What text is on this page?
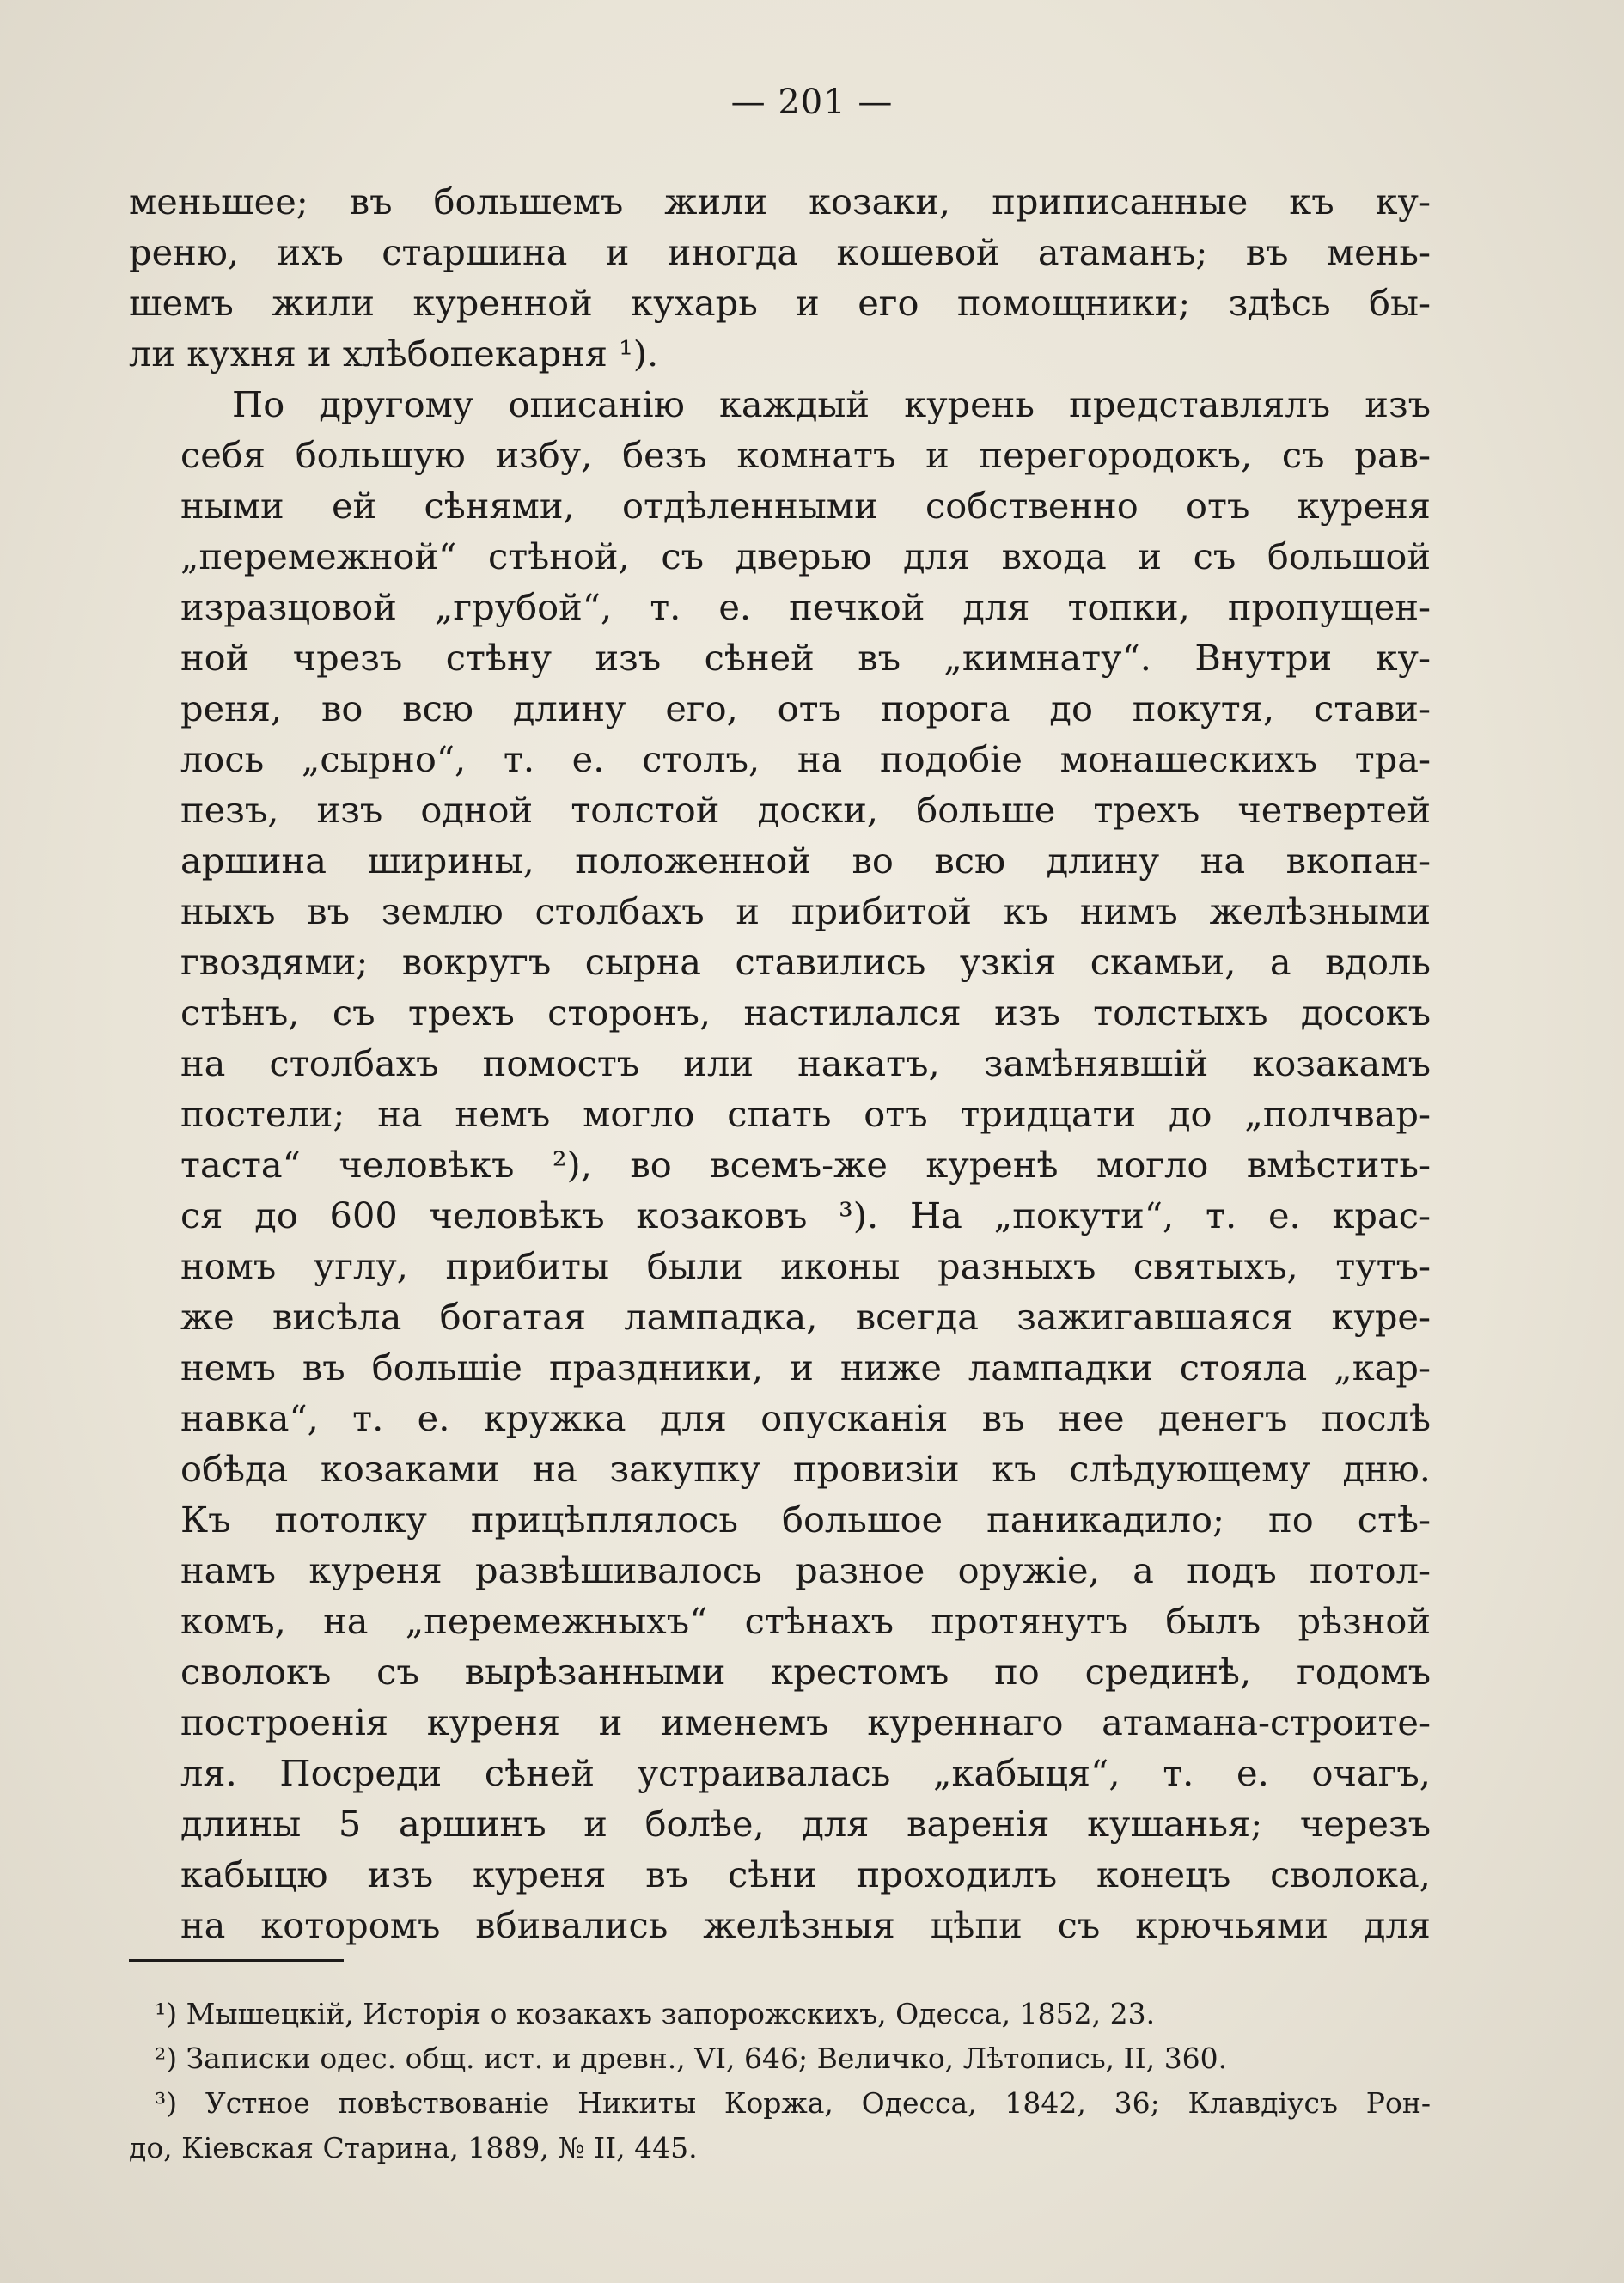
— 201 —

меньшее; въ большемъ жили козаки, приписанные къ ку-
реню, ихъ старшина и иногда кошевой атаманъ; въ мень-
шемъ жили куренной кухарь и его помощники; здѣсь бы-
ли кухня и хлѣбопекарня ¹).

По другому описанію каждый курень представлялъ изъ
себя большую избу, безъ комнатъ и перегородокъ, съ рав-
ными ей сѣнями, отдѣленными собственно отъ куреня
„перемежной“ стѣной, съ дверью для входа и съ большой
изразцовой „грубой“, т. е. печкой для топки, пропущен-
ной чрезъ стѣну изъ сѣней въ „кимнату“. Внутри ку-
реня, во всю длину его, отъ порога до покутя, стави-
лось „сырно“, т. е. столъ, на подобіе монашескихъ тра-
пезъ, изъ одной толстой доски, больше трехъ четвертей
аршина ширины, положенной во всю длину на вкопан-
ныхъ въ землю столбахъ и прибитой къ нимъ желѣзными
гвоздями; вокругъ сырна ставились узкія скамьи, а вдоль
стѣнъ, съ трехъ сторонъ, настилался изъ толстыхъ досокъ
на столбахъ помостъ или накатъ, замѣнявшій козакамъ
постели; на немъ могло спать отъ тридцати до „полчвар-
таста“ человѣкъ ²), во всемъ-же куренѣ могло вмѣстить-
ся до 600 человѣкъ козаковъ ³). На „покути“, т. е. крас-
номъ углу, прибиты были иконы разныхъ святыхъ, тутъ-
же висѣла богатая лампадка, всегда зажигавшаяся куре-
немъ въ большіе праздники, и ниже лампадки стояла „кар-
навка“, т. е. кружка для опусканія въ нее денегъ послѣ
обѣда козаками на закупку провизіи къ слѣдующему дню.
Къ потолку прицѣплялось большое паникадило; по стѣ-
намъ куреня развѣшивалось разное оружіе, а подъ потол-
комъ, на „перемежныхъ“ стѣнахъ протянутъ былъ рѣзной
сволокъ съ вырѣзанными крестомъ по срединѣ, годомъ
построенія куреня и именемъ куреннаго атамана-строите-
ля. Посреди сѣней устраивалась „кабыця“, т. е. очагъ,
длины 5 аршинъ и болѣе, для варенія кушанья; черезъ
кабыцю изъ куреня въ сѣни проходилъ конецъ сволока,
на которомъ вбивались желѣзныя цѣпи съ крючьями для

¹) Мышецкій, Исторія о козакахъ запорожскихъ, Одесса, 1852, 23.
²) Записки одес. общ. ист. и древн., VI, 646; Величко, Лѣтопись, II, 360.
³) Устное повѣствованіе Никиты Коржа, Одесса, 1842, 36; Клавдіусъ Рон-
до, Кіевская Старина, 1889, № II, 445.
